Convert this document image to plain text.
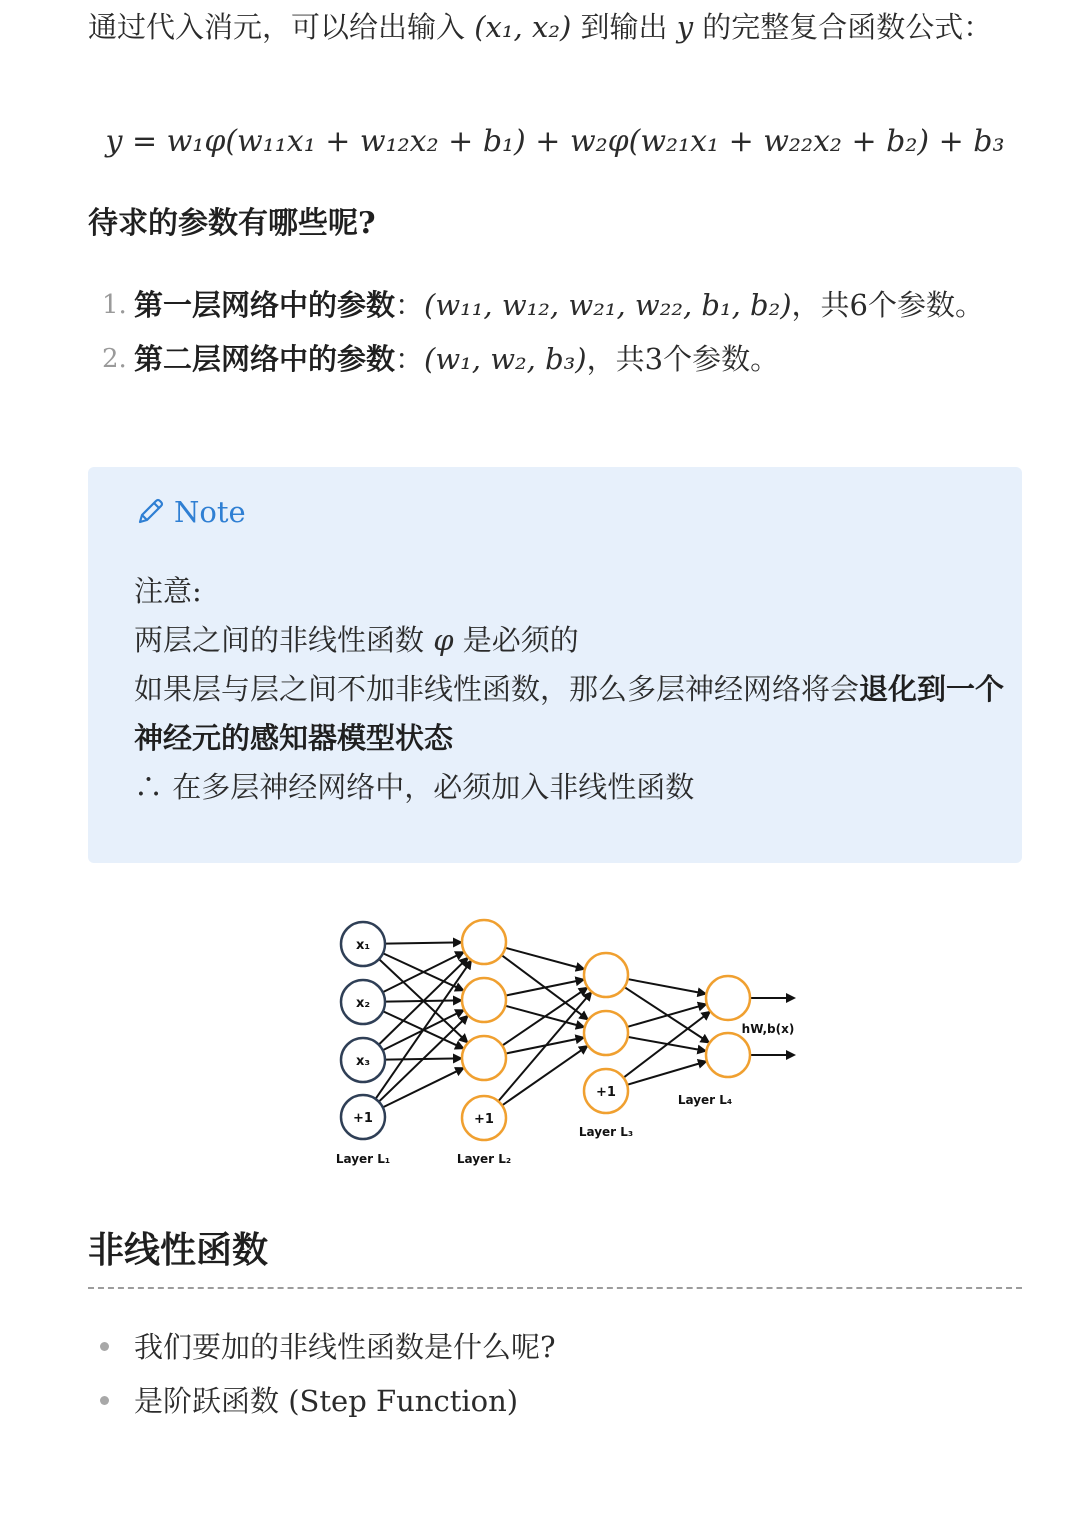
通过代入消元，可以给出输入 (x₁, x₂) 到输出 y 的完整复合函数公式：

y = w₁φ(w₁₁x₁ + w₁₂x₂ + b₁) + w₂φ(w₂₁x₁ + w₂₂x₂ + b₂) + b₃
待求的参数有哪些呢?
1. 第一层网络中的参数：(w₁₁, w₁₂, w₂₁, w₂₂, b₁, b₂)，共6个参数。
2. 第二层网络中的参数：(w₁, w₂, b₃)，共3个参数。
Note
注意:
两层之间的非线性函数 φ 是必须的
如果层与层之间不加非线性函数，那么多层神经网络将会退化到一个神经元的感知器模型状态
∴ 在多层神经网络中，必须加入非线性函数
x₁
x₂
x₃
+1	+1
+1
Layer L₁	Layer L₂
Layer L₃
Layer L₄
hW,b(x)
非线性函数
我们要加的非线性函数是什么呢?
是阶跃函数 (Step Function)
